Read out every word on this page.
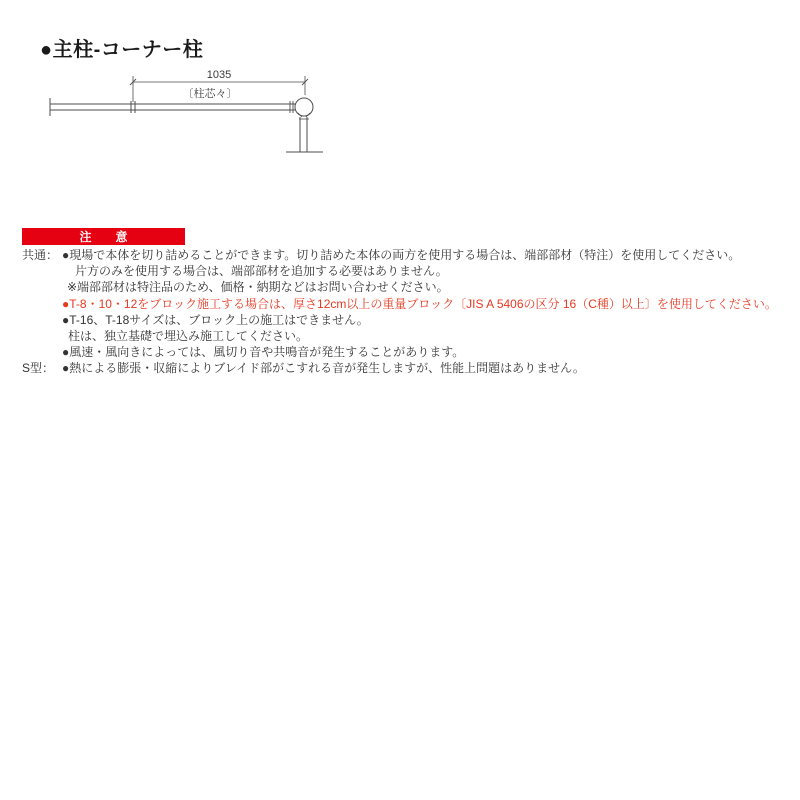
●主柱-コーナー柱
1035
〔柱芯々〕
注　意
共通： ●現場で本体を切り詰めることができます。切り詰めた本体の両方を使用する場合は、端部部材（特注）を使用してください。
片方のみを使用する場合は、端部部材を追加する必要はありません。
※端部部材は特注品のため、価格・納期などはお問い合わせください。
●T-8・10・12をブロック施工する場合は、厚さ12cm以上の重量ブロック〔JIS A 5406の区分 16（C種）以上〕を使用してください。
●T-16、T-18サイズは、ブロック上の施工はできません。
柱は、独立基礎で埋込み施工してください。
●風速・風向きによっては、風切り音や共鳴音が発生することがあります。
S型： ●熱による膨張・収縮によりブレイド部がこすれる音が発生しますが、性能上問題はありません。
